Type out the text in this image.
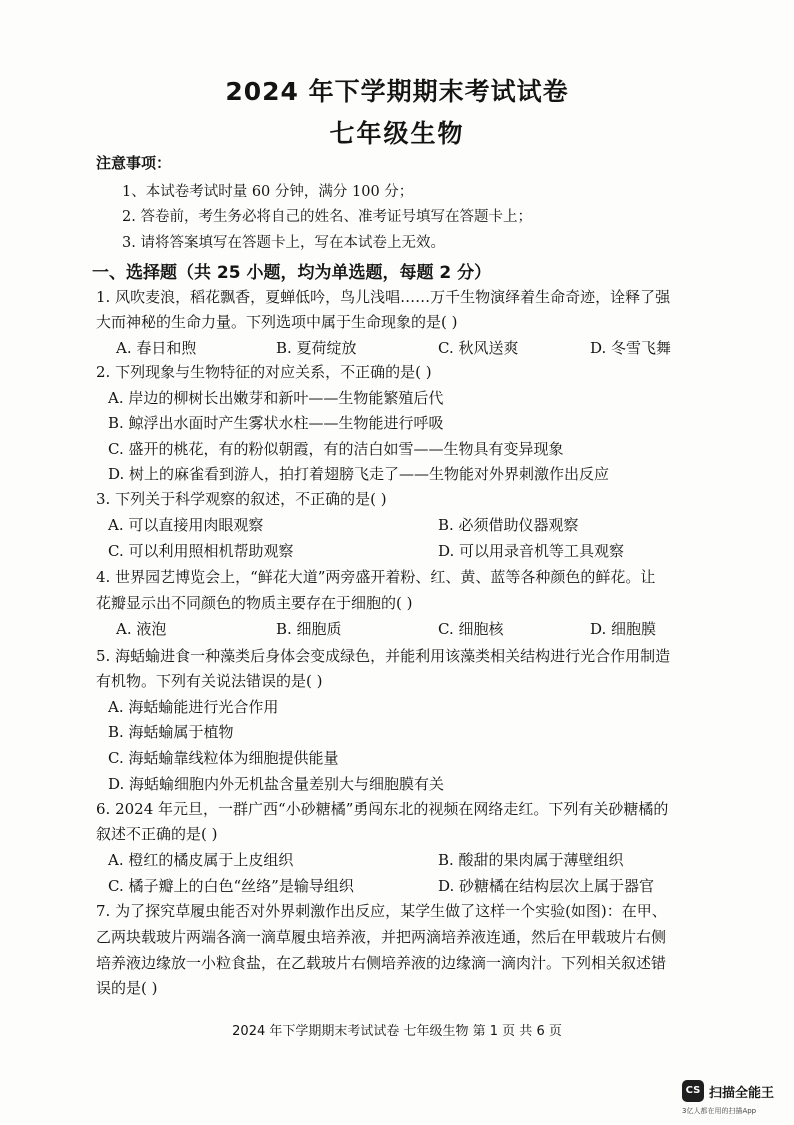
2024 年下学期期末考试试卷
七年级生物
注意事项：
1、本试卷考试时量 60 分钟，满分 100 分；
2. 答卷前，考生务必将自己的姓名、准考证号填写在答题卡上；
3. 请将答案填写在答题卡上，写在本试卷上无效。
一、选择题（共 25 小题，均为单选题，每题 2 分）
1. 风吹麦浪，稻花飘香，夏蝉低吟，鸟儿浅唱……万千生物演绎着生命奇迹，诠释了强
大而神秘的生命力量。下列选项中属于生命现象的是( )
A. 春日和煦	B. 夏荷绽放	C. 秋风送爽	D. 冬雪飞舞
2. 下列现象与生物特征的对应关系，不正确的是( )
A. 岸边的柳树长出嫩芽和新叶——生物能繁殖后代
B. 鲸浮出水面时产生雾状水柱——生物能进行呼吸
C. 盛开的桃花，有的粉似朝霞，有的洁白如雪——生物具有变异现象
D. 树上的麻雀看到游人，拍打着翅膀飞走了——生物能对外界刺激作出反应
3. 下列关于科学观察的叙述，不正确的是( )
A. 可以直接用肉眼观察	B. 必须借助仪器观察
C. 可以利用照相机帮助观察	D. 可以用录音机等工具观察
4. 世界园艺博览会上，“鲜花大道”两旁盛开着粉、红、黄、蓝等各种颜色的鲜花。让
花瓣显示出不同颜色的物质主要存在于细胞的( )
A. 液泡	B. 细胞质	C. 细胞核	D. 细胞膜
5. 海蛞蝓进食一种藻类后身体会变成绿色，并能利用该藻类相关结构进行光合作用制造
有机物。下列有关说法错误的是( )
A. 海蛞蝓能进行光合作用
B. 海蛞蝓属于植物
C. 海蛞蝓靠线粒体为细胞提供能量
D. 海蛞蝓细胞内外无机盐含量差别大与细胞膜有关
6. 2024 年元旦，一群广西“小砂糖橘”勇闯东北的视频在网络走红。下列有关砂糖橘的
叙述不正确的是( )
A. 橙红的橘皮属于上皮组织	B. 酸甜的果肉属于薄壁组织
C. 橘子瓣上的白色“丝络”是输导组织	D. 砂糖橘在结构层次上属于器官
7. 为了探究草履虫能否对外界刺激作出反应，某学生做了这样一个实验(如图)：在甲、
乙两块载玻片两端各滴一滴草履虫培养液，并把两滴培养液连通，然后在甲载玻片右侧
培养液边缘放一小粒食盐，在乙载玻片右侧培养液的边缘滴一滴肉汁。下列相关叙述错
误的是( )
2024 年下学期期末考试试卷 七年级生物 第 1 页 共 6 页
CS 扫描全能王
3亿人都在用的扫描App
